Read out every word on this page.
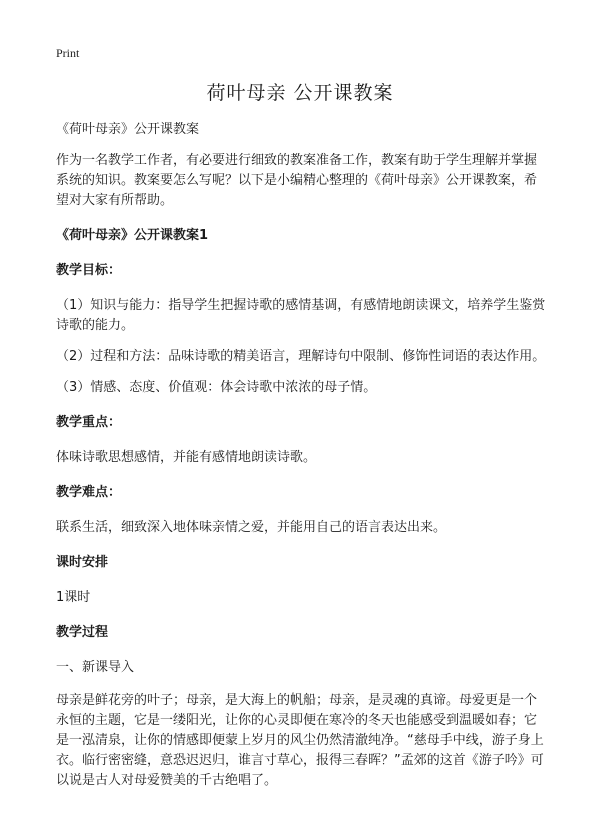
Print
荷叶母亲 公开课教案

《荷叶母亲》公开课教案

作为一名教学工作者，有必要进行细致的教案准备工作，教案有助于学生理解并掌握系统的知识。教案要怎么写呢？以下是小编精心整理的《荷叶母亲》公开课教案，希望对大家有所帮助。

《荷叶母亲》公开课教案1
教学目标：

（1）知识与能力：指导学生把握诗歌的感情基调，有感情地朗读课文，培养学生鉴赏诗歌的能力。

（2）过程和方法：品味诗歌的精美语言，理解诗句中限制、修饰性词语的表达作用。

（3）情感、态度、价值观：体会诗歌中浓浓的母子情。

教学重点：

体味诗歌思想感情，并能有感情地朗读诗歌。

教学难点：

联系生活，细致深入地体味亲情之爱，并能用自己的语言表达出来。

课时安排

1课时

教学过程

一、新课导入

母亲是鲜花旁的叶子；母亲，是大海上的帆船；母亲，是灵魂的真谛。母爱更是一个永恒的主题，它是一缕阳光，让你的心灵即便在寒冷的冬天也能感受到温暖如春；它是一泓清泉，让你的情感即便蒙上岁月的风尘仍然清澈纯净。“慈母手中线，游子身上衣。临行密密缝，意恐迟迟归，谁言寸草心，报得三春晖？”孟郊的这首《游子吟》可以说是古人对母爱赞美的千古绝唱了。
